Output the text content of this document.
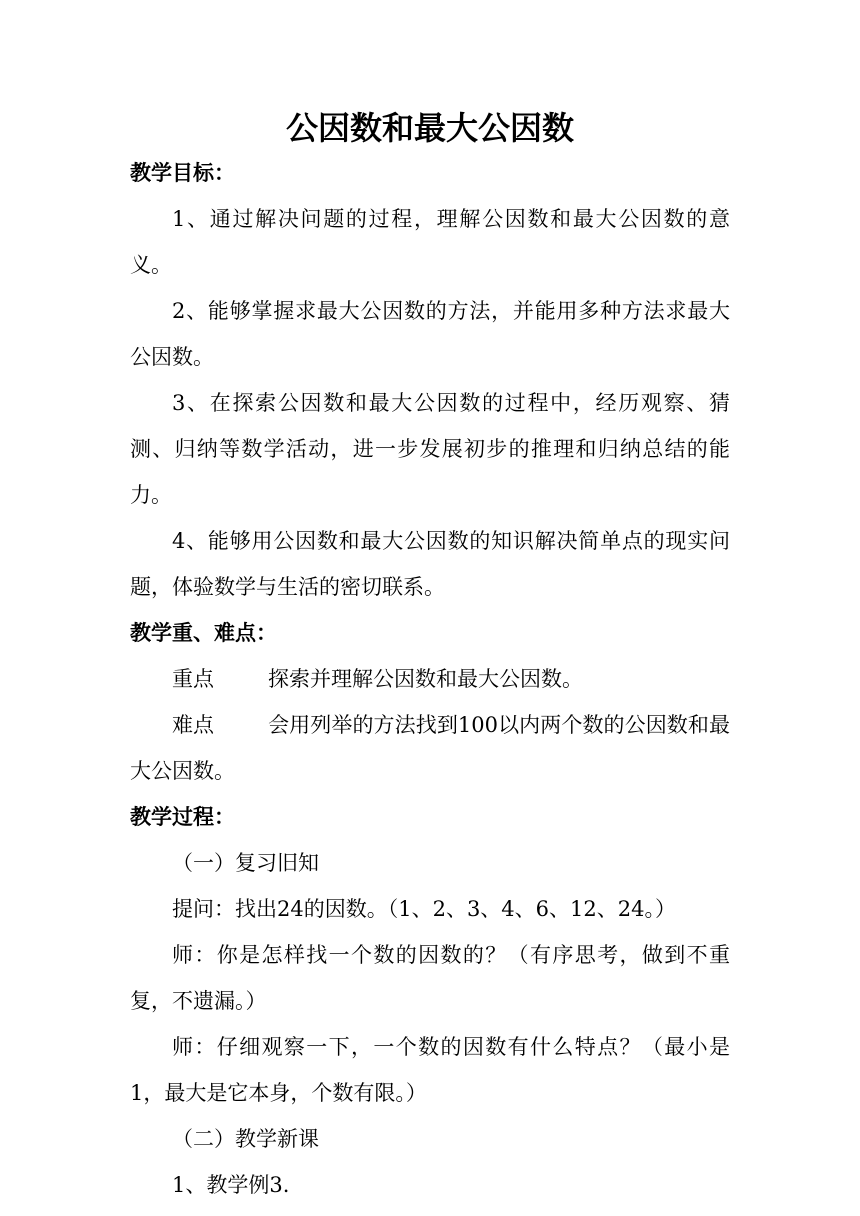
公因数和最大公因数

教学目标：

1、通过解决问题的过程，理解公因数和最大公因数的意义。

2、能够掌握求最大公因数的方法，并能用多种方法求最大公因数。

3、在探索公因数和最大公因数的过程中，经历观察、猜测、归纳等数学活动，进一步发展初步的推理和归纳总结的能力。

4、能够用公因数和最大公因数的知识解决简单点的现实问题，体验数学与生活的密切联系。

教学重、难点：

重点	探索并理解公因数和最大公因数。

难点	会用列举的方法找到100以内两个数的公因数和最大公因数。

教学过程：

（一）复习旧知

提问：找出24的因数。（1、2、3、4、6、12、24。）

师：你是怎样找一个数的因数的？（有序思考，做到不重复，不遗漏。）

师：仔细观察一下，一个数的因数有什么特点？（最小是1，最大是它本身，个数有限。）

（二）教学新课

1、教学例3.
